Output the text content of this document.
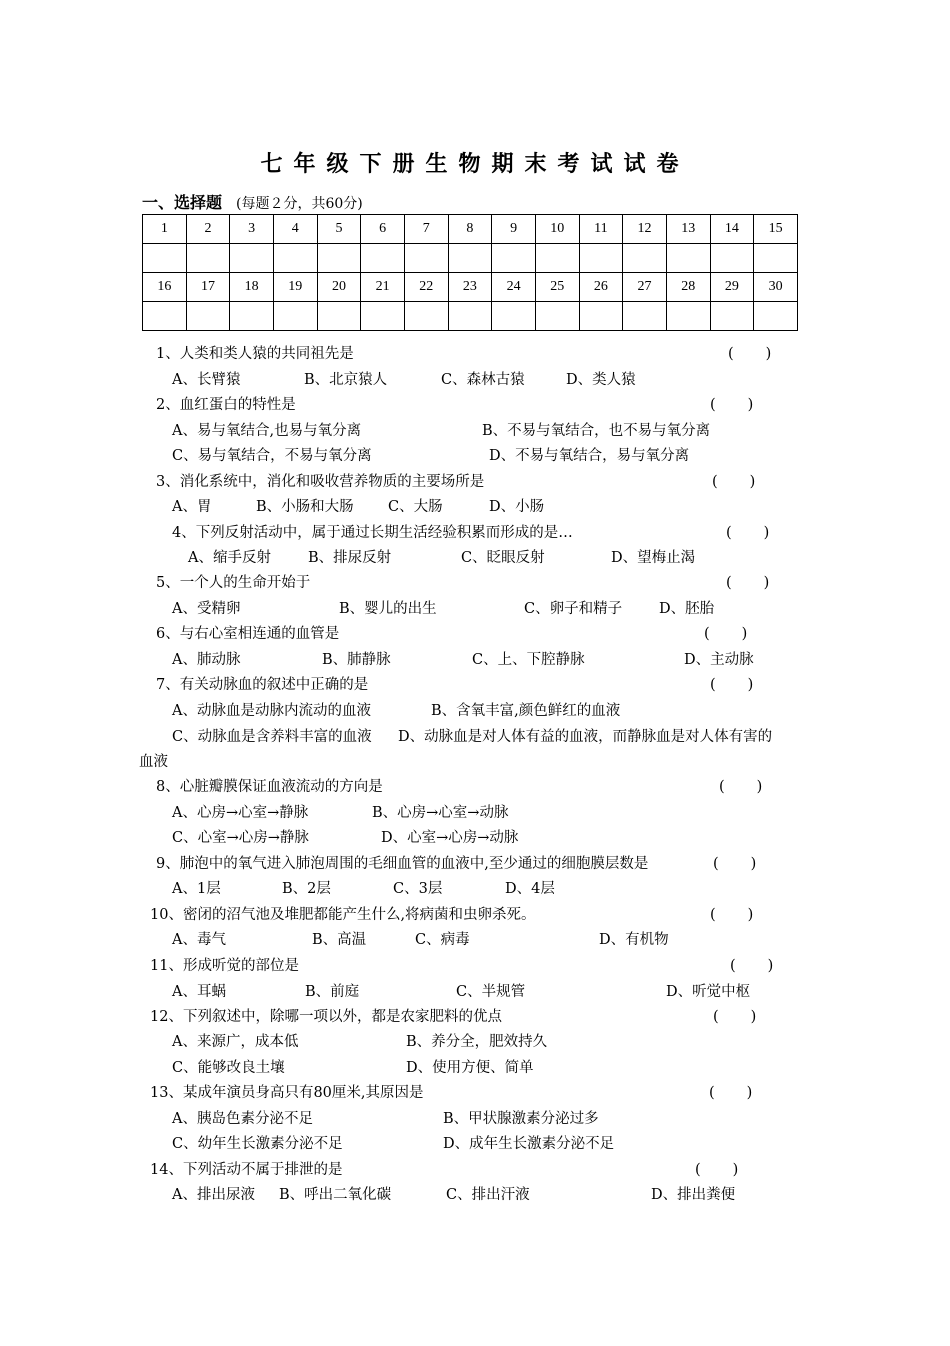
七年级下册生物期末考试试卷
一、选择题 (每题２分，共60分)
1	2	3	4	5	6	7	8	9	10	11	12	13	14	15

16	17	18	19	20	21	22	23	24	25	26	27	28	29	30

1、人类和类人猿的共同祖先是	(　　)
A、长臂猿	B、北京猿人	C、森林古猿	D、类人猿
2、血红蛋白的特性是	(　　)
A、易与氧结合,也易与氧分离	B、不易与氧结合，也不易与氧分离
C、易与氧结合，不易与氧分离	D、不易与氧结合，易与氧分离
3、消化系统中，消化和吸收营养物质的主要场所是	(　　)
A、胃	B、小肠和大肠 C、大肠	D、小肠
4、下列反射活动中，属于通过长期生活经验积累而形成的是…	(　　)
A、缩手反射	B、排尿反射	C、眨眼反射	D、望梅止渴
5、一个人的生命开始于	(　　)
A、受精卵	B、婴儿的出生	C、卵子和精子	D、胚胎
6、与右心室相连通的血管是	(　　)
A、肺动脉	B、肺静脉	C、上、下腔静脉	D、主动脉
7、有关动脉血的叙述中正确的是	(　　)
A、动脉血是动脉内流动的血液	B、含氧丰富,颜色鲜红的血液
C、动脉血是含养料丰富的血液 D、动脉血是对人体有益的血液，而静脉血是对人体有害的
血液
8、心脏瓣膜保证血液流动的方向是	(　　)
A、心房→心室→静脉	B、心房→心室→动脉
C、心室→心房→静脉	D、心室→心房→动脉
9、肺泡中的氧气进入肺泡周围的毛细血管的血液中,至少通过的细胞膜层数是	(　　)
A、1层	B、2层	C、3层	D、4层
10、密闭的沼气池及堆肥都能产生什么,将病菌和虫卵杀死。	(　　)
A、毒气	B、高温	C、病毒	D、有机物
11、形成听觉的部位是	(　　)
A、耳蜗	B、前庭	C、半规管	D、听觉中枢
12、下列叙述中，除哪一项以外，都是农家肥料的优点	(　　)
A、来源广，成本低	B、养分全，肥效持久
C、能够改良土壤	D、使用方便、简单
13、某成年演员身高只有80厘米,其原因是	(　　)
A、胰岛色素分泌不足	B、甲状腺激素分泌过多
C、幼年生长激素分泌不足	D、成年生长激素分泌不足
14、下列活动不属于排泄的是	(　　)
A、排出尿液 B、呼出二氧化碳	C、排出汗液	D、排出粪便
